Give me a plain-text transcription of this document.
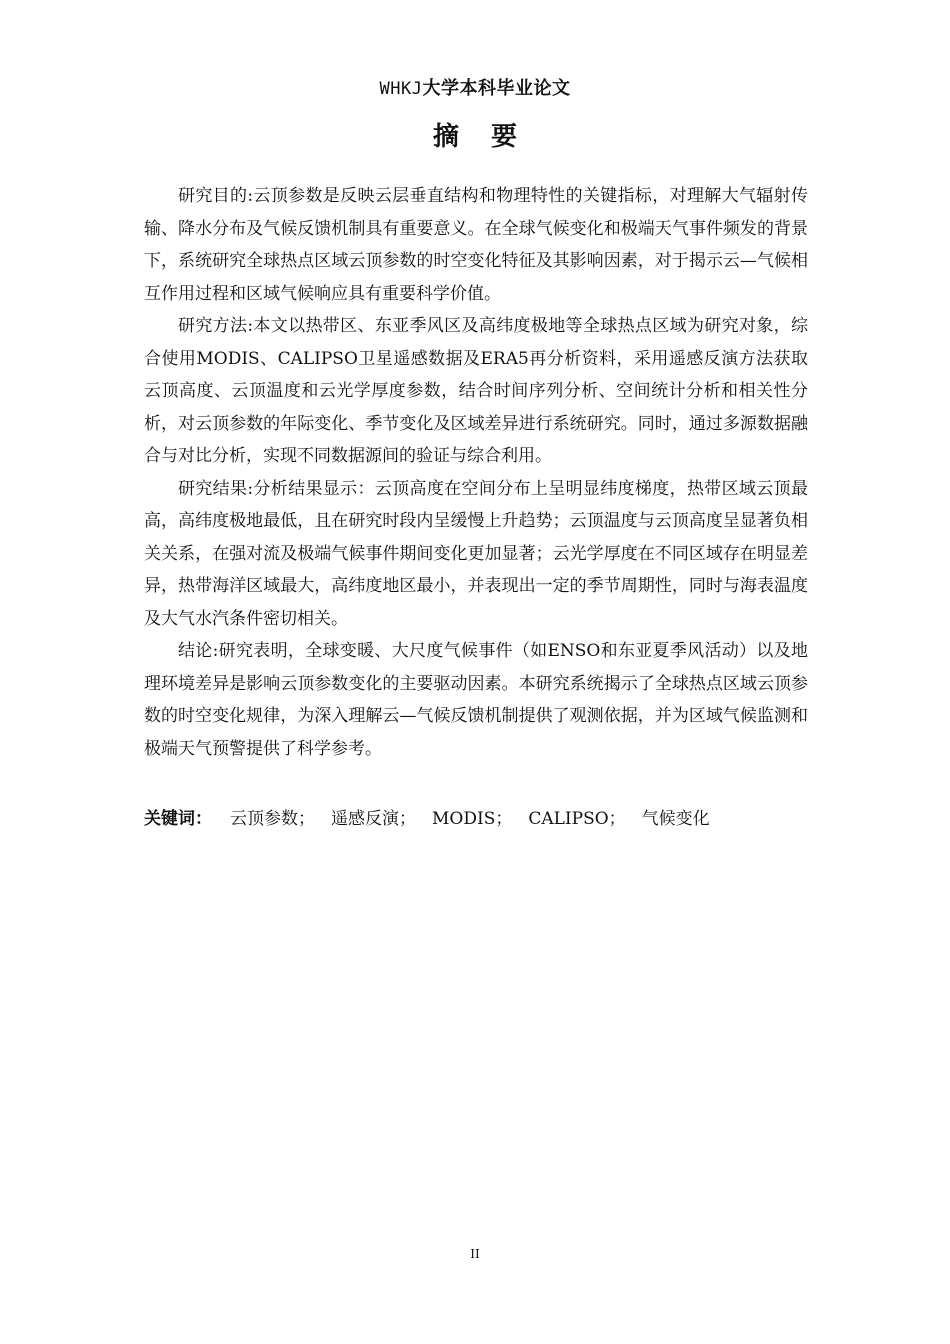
WHKJ大学本科毕业论文
摘要

研究目的:云顶参数是反映云层垂直结构和物理特性的关键指标，对理解大气辐射传输、降水分布及气候反馈机制具有重要意义。在全球气候变化和极端天气事件频发的背景下，系统研究全球热点区域云顶参数的时空变化特征及其影响因素，对于揭示云—气候相互作用过程和区域气候响应具有重要科学价值。

研究方法:本文以热带区、东亚季风区及高纬度极地等全球热点区域为研究对象，综合使用MODIS、CALIPSO卫星遥感数据及ERA5再分析资料，采用遥感反演方法获取云顶高度、云顶温度和云光学厚度参数，结合时间序列分析、空间统计分析和相关性分析，对云顶参数的年际变化、季节变化及区域差异进行系统研究。同时，通过多源数据融合与对比分析，实现不同数据源间的验证与综合利用。

研究结果:分析结果显示：云顶高度在空间分布上呈明显纬度梯度，热带区域云顶最高，高纬度极地最低，且在研究时段内呈缓慢上升趋势；云顶温度与云顶高度呈显著负相关关系，在强对流及极端气候事件期间变化更加显著；云光学厚度在不同区域存在明显差异，热带海洋区域最大，高纬度地区最小，并表现出一定的季节周期性，同时与海表温度及大气水汽条件密切相关。

结论:研究表明，全球变暖、大尺度气候事件（如ENSO和东亚夏季风活动）以及地理环境差异是影响云顶参数变化的主要驱动因素。本研究系统揭示了全球热点区域云顶参数的时空变化规律，为深入理解云—气候反馈机制提供了观测依据，并为区域气候监测和极端天气预警提供了科学参考。

关键词： 云顶参数； 遥感反演； MODIS； CALIPSO； 气候变化
II
